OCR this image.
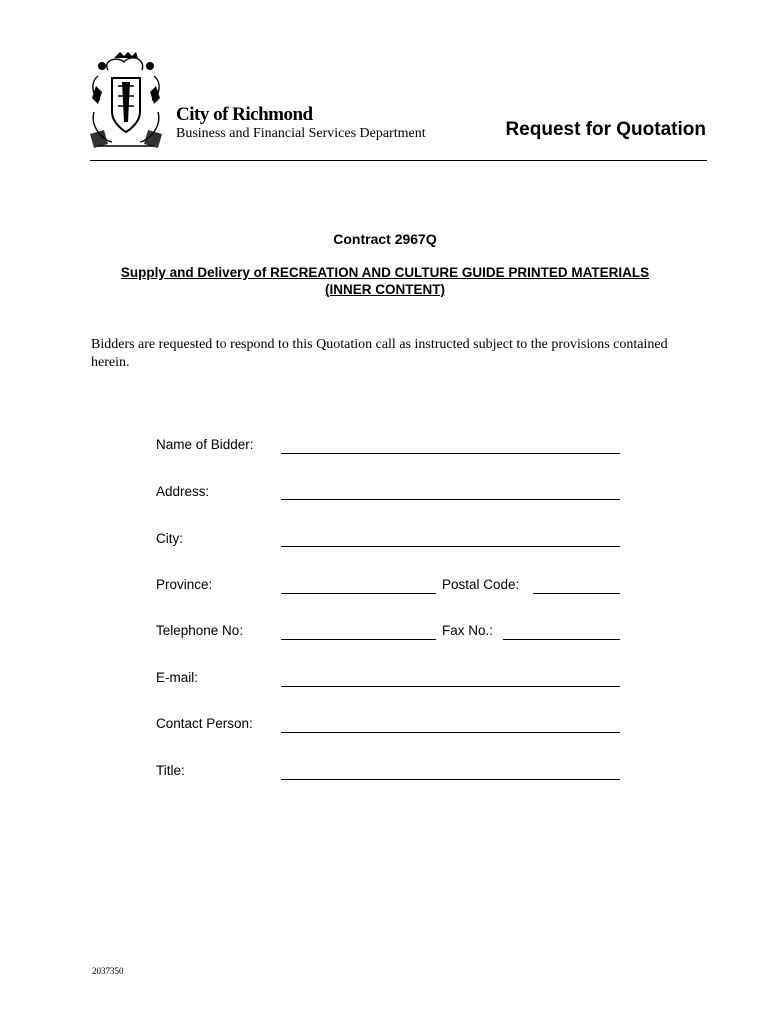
City of Richmond
Business and Financial Services Department	Request for Quotation
Contract 2967Q
Supply and Delivery of RECREATION AND CULTURE GUIDE PRINTED MATERIALS (INNER CONTENT)
Bidders are requested to respond to this Quotation call as instructed subject to the provisions contained herein.
Name of Bidder:
Address:
City:
Province:	Postal Code:
Telephone No:	Fax No.:
E-mail:
Contact Person:
Title:
2037350
